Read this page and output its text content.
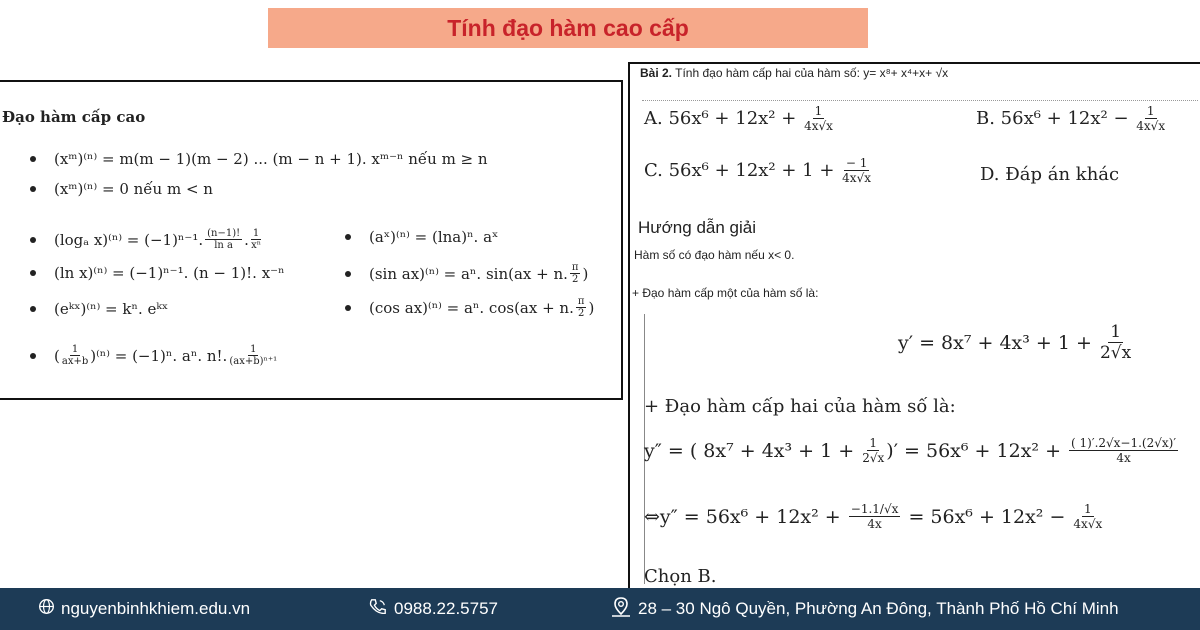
Tính đạo hàm cao cấp
Đạo hàm cấp cao
(xᵐ)⁽ⁿ⁾ = m(m − 1)(m − 2) ... (m − n + 1). xᵐ⁻ⁿ nếu m ≥ n
(xᵐ)⁽ⁿ⁾ = 0 nếu m < n
(logₐ x)⁽ⁿ⁾ = (−1)ⁿ⁻¹. $\frac{(n-1)!}{\text{ln a}}$ . $\frac{1}{\text{xⁿ}}$	(aˣ)⁽ⁿ⁾ = (lna)ⁿ. aˣ
(ln x)⁽ⁿ⁾ = (−1)ⁿ⁻¹. (n − 1)!. x⁻ⁿ	(sin ax)⁽ⁿ⁾ = aⁿ. sin(ax + n. $\frac{\pi}{2}$ )
(eᵏˣ)⁽ⁿ⁾ = kⁿ. eᵏˣ	(cos ax)⁽ⁿ⁾ = aⁿ. cos(ax + n. $\frac{\pi}{2}$ )
( $\frac{1}{ax+b} )^{(n)} = (-1)^n$. aⁿ. n!. $\frac{1}{\text{(ax+b)ⁿ⁺¹}}$
Bài 2. Tính đạo hàm cấp hai của hàm số: y= x⁸+ x⁴+x+ √x
A. 56x⁶ + 12x² +
$\frac{1}{4x√x}$	B. 56x⁶ + 12x² −
$\frac{1}{4x√x}$
C. 56x⁶ + 12x² + 1 +
$\frac{- 1}{4x√x}$	D. Đáp án khác
Hướng dẫn giải
Hàm số có đạo hàm nếu x< 0.
+ Đạo hàm cấp một của hàm số là:
y′ = 8x⁷ + 4x³ + 1 +
$\frac{1}{2√x}$
+ Đạo hàm cấp hai của hàm số là:
y″ = ( 8x⁷ + 4x³ + 1 +
$\frac{1}{2√x}$ )′ = 56x⁶ + 12x² +
$\frac{( 1)'.2√x-1.(2√x)'}{4x}$
⇔y″ = 56x⁶ + 12x² +
$\frac{-1.1/√x}{4x}$
= 56x⁶ + 12x² −
$\frac{1}{4x√x}$
Chọn B.
nguyenbinhkhiem.edu.vn	0988.22.5757	28 – 30 Ngô Quyền, Phường An Đông, Thành Phố Hồ Chí Minh
